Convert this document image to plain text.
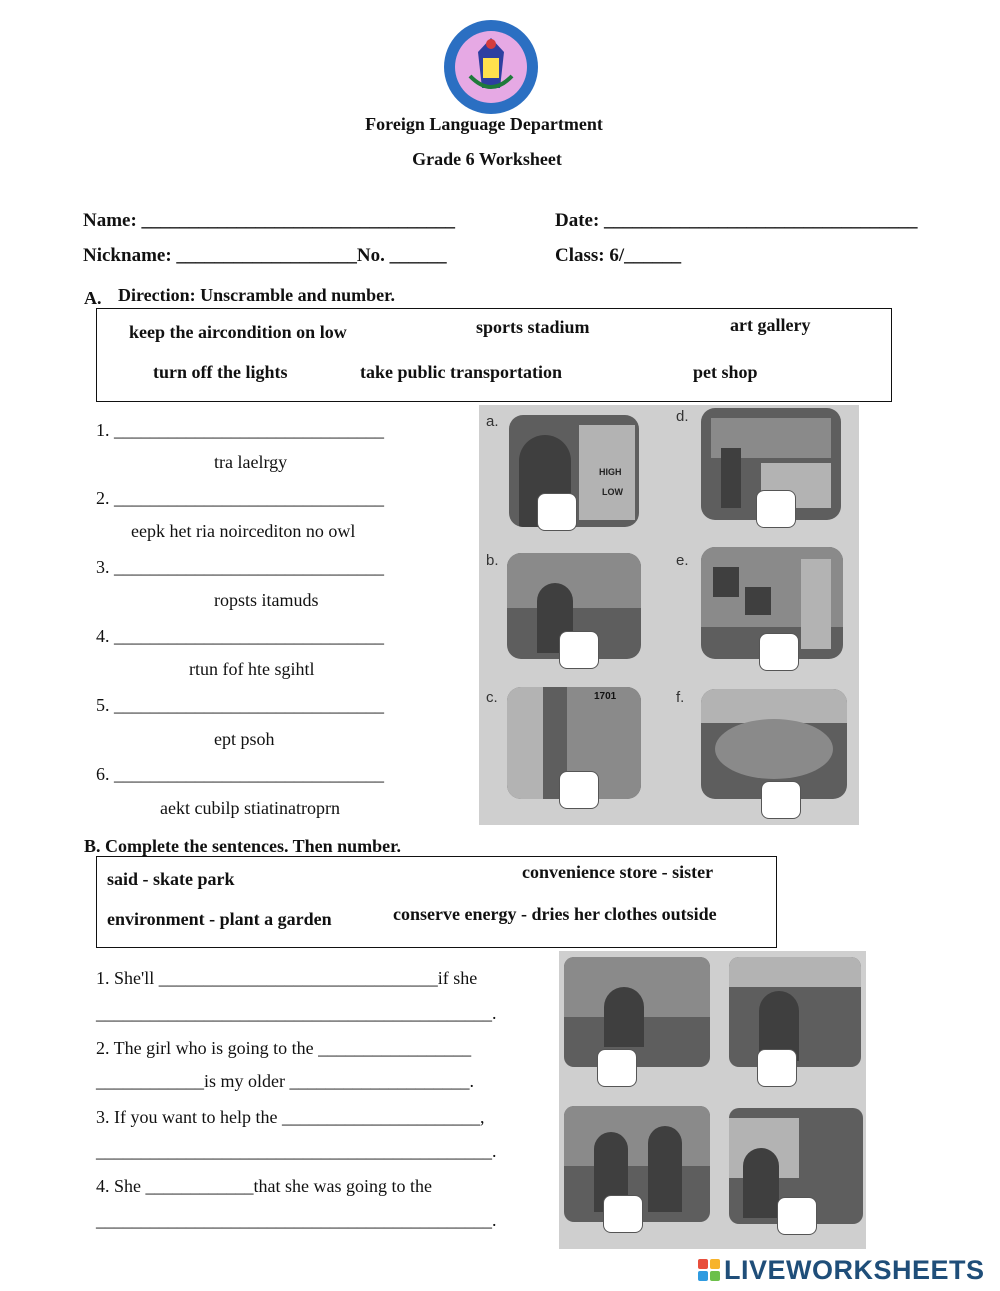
Foreign Language Department
Grade 6 Worksheet
Name: _________________________________	Date: _________________________________
Nickname: ___________________No. ______	Class: 6/______
A. Direction: Unscramble and number.
keep the aircondition on low	sports stadium	art gallery
turn off the lights	take public transportation	pet shop
1. ______________________________
tra laelrgy
2. ______________________________
eepk het ria noircediton no owl
3. ______________________________
ropsts itamuds
4. ______________________________
rtun fof hte sgihtl
5. ______________________________
ept psoh
6. ______________________________
aekt cubilp stiatinatroprn
a.
HIGH
LOW
d.
b.	e.
c.	1701	f.
B. Complete the sentences. Then number.
said - skate park	convenience store - sister
environment - plant a garden	conserve energy - dries her clothes outside
1. She'll _______________________________if she
____________________________________________.
2. The girl who is going to the _________________
____________is my older ____________________.
3. If you want to help the ______________________,
____________________________________________.
4. She ____________that she was going to the
____________________________________________.
LIVEWORKSHEETS
